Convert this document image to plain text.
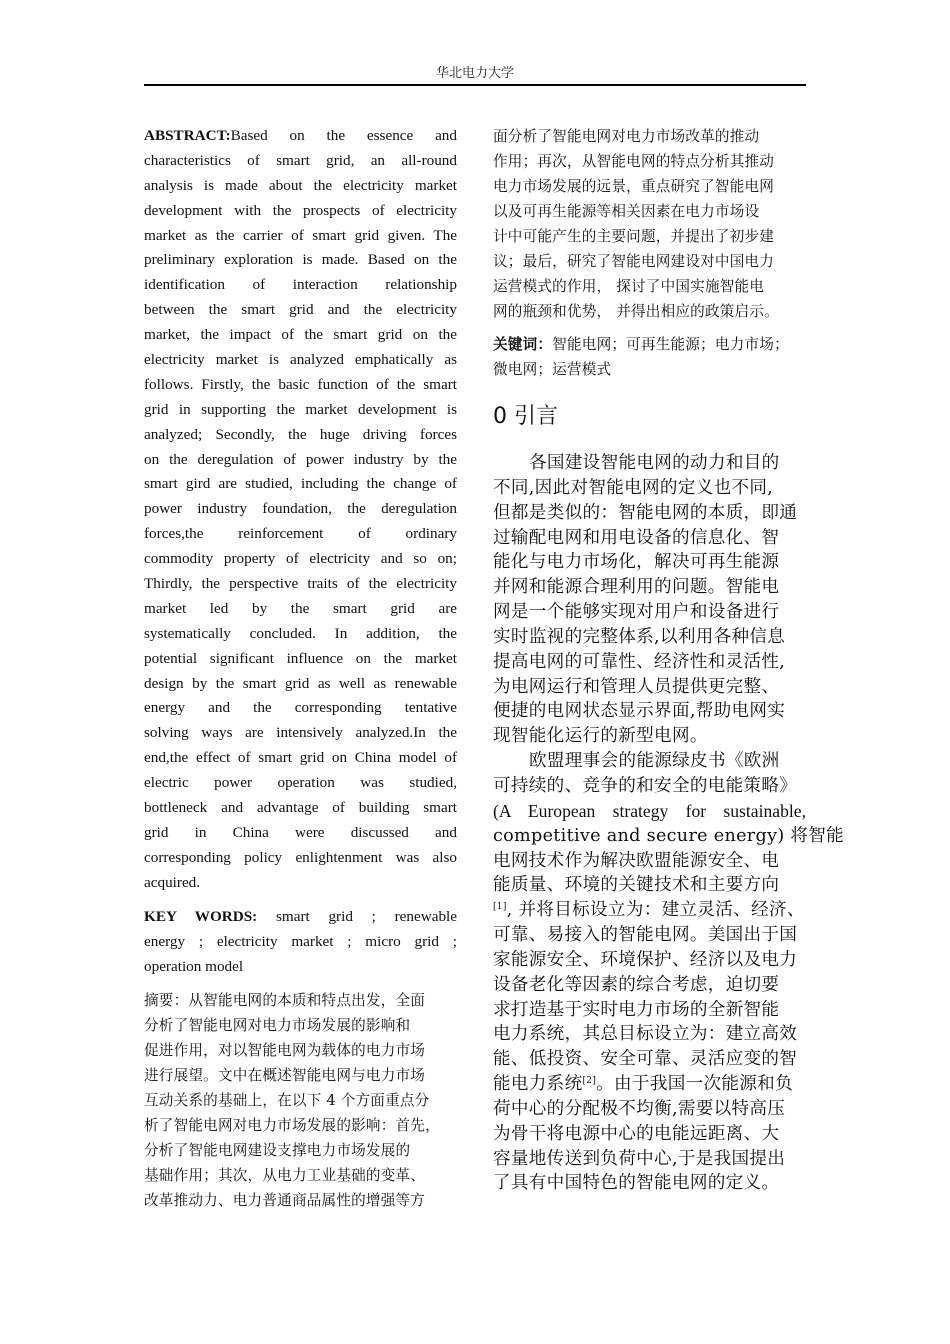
华北电力大学
ABSTRACT:Based on the essence and
characteristics of smart grid, an all-round
analysis is made about the electricity market
development with the prospects of electricity
market as the carrier of smart grid given. The
preliminary exploration is made. Based on the
identification of interaction relationship
between the smart grid and the electricity
market, the impact of the smart grid on the
electricity market is analyzed emphatically as
follows. Firstly, the basic function of the smart
grid in supporting the market development is
analyzed; Secondly, the huge driving forces
on the deregulation of power industry by the
smart gird are studied, including the change of
power industry foundation, the deregulation
forces,the reinforcement of ordinary
commodity property of electricity and so on;
Thirdly, the perspective traits of the electricity
market led by the smart grid are
systematically concluded. In addition, the
potential significant influence on the market
design by the smart grid as well as renewable
energy and the corresponding tentative
solving ways are intensively analyzed.In the
end,the effect of smart grid on China model of
electric power operation was studied,
bottleneck and advantage of building smart
grid in China were discussed and
corresponding policy enlightenment was also
acquired.
KEY WORDS: smart grid ; renewable
energy ; electricity market ; micro grid ;
operation model
摘要：从智能电网的本质和特点出发，全面
分析了智能电网对电力市场发展的影响和
促进作用，对以智能电网为载体的电力市场
进行展望。文中在概述智能电网与电力市场
互动关系的基础上，在以下 4 个方面重点分
析了智能电网对电力市场发展的影响：首先，
分析了智能电网建设支撑电力市场发展的
基础作用；其次，从电力工业基础的变革、
改革推动力、电力普通商品属性的增强等方
面分析了智能电网对电力市场改革的推动
作用；再次，从智能电网的特点分析其推动
电力市场发展的远景，重点研究了智能电网
以及可再生能源等相关因素在电力市场设
计中可能产生的主要问题，并提出了初步建
议；最后，研究了智能电网建设对中国电力
运营模式的作用， 探讨了中国实施智能电
网的瓶颈和优势， 并得出相应的政策启示。
关键词：智能电网；可再生能源；电力市场；
微电网；运营模式
0 引言
各国建设智能电网的动力和目的
不同,因此对智能电网的定义也不同,
但都是类似的：智能电网的本质，即通
过输配电网和用电设备的信息化、智
能化与电力市场化，解决可再生能源
并网和能源合理利用的问题。智能电
网是一个能够实现对用户和设备进行
实时监视的完整体系,以利用各种信息
提高电网的可靠性、经济性和灵活性,
为电网运行和管理人员提供更完整、
便捷的电网状态显示界面,帮助电网实
现智能化运行的新型电网。
欧盟理事会的能源绿皮书《欧洲
可持续的、竞争的和安全的电能策略》
(A European strategy for sustainable,
competitive and secure energy) 将智能
电网技术作为解决欧盟能源安全、电
能质量、环境的关键技术和主要方向
[1], 并将目标设立为：建立灵活、经济、
可靠、易接入的智能电网。美国出于国
家能源安全、环境保护、经济以及电力
设备老化等因素的综合考虑，迫切要
求打造基于实时电力市场的全新智能
电力系统，其总目标设立为：建立高效
能、低投资、安全可靠、灵活应变的智
能电力系统[2]。由于我国一次能源和负
荷中心的分配极不均衡,需要以特高压
为骨干将电源中心的电能远距离、大
容量地传送到负荷中心,于是我国提出
了具有中国特色的智能电网的定义。
